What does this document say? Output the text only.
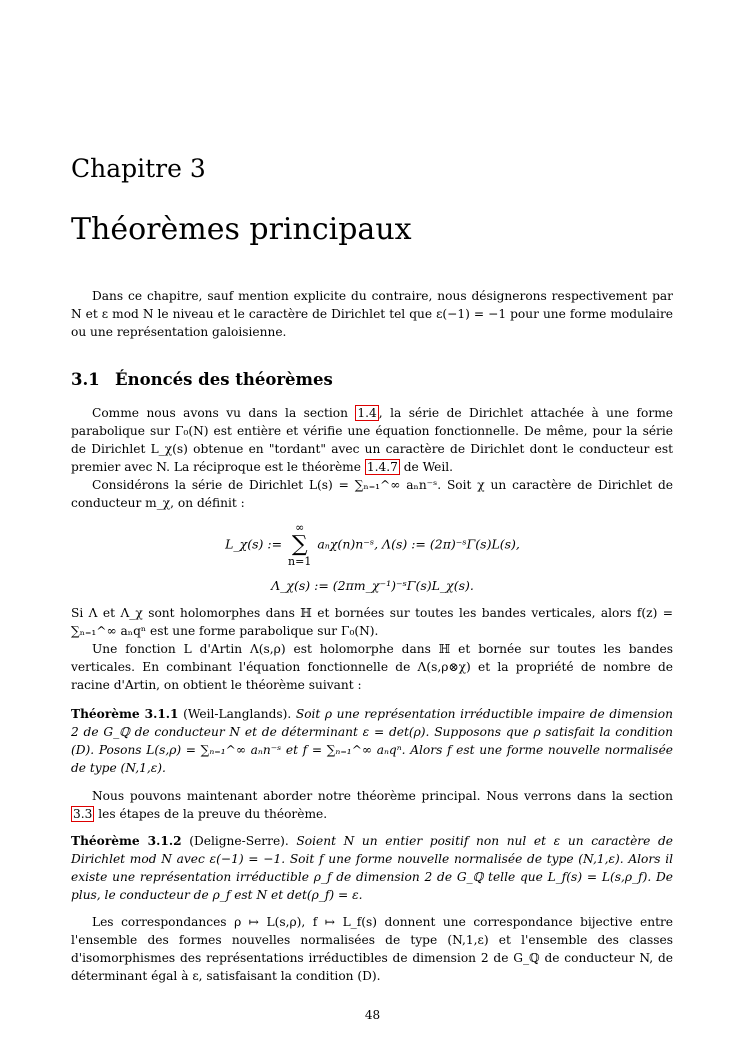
Chapitre 3
Théorèmes principaux

Dans ce chapitre, sauf mention explicite du contraire, nous désignerons respectivement par N et ε mod N le niveau et le caractère de Dirichlet tel que ε(−1) = −1 pour une forme modulaire ou une représentation galoisienne.

3.1 Énoncés des théorèmes

Comme nous avons vu dans la section 1.4 , la série de Dirichlet attachée à une forme parabolique sur Γ₀(N) est entière et vérifie une équation fonctionnelle. De même, pour la série de Dirichlet L_χ(s) obtenue en "tordant" avec un caractère de Dirichlet dont le conducteur est premier avec N. La réciproque est le théorème 1.4.7 de Weil.

Considérons la série de Dirichlet L(s) = ∑ₙ₌₁^∞ aₙn⁻ˢ. Soit χ un caractère de Dirichlet de conducteur m_χ, on définit :

L_χ(s) := ∞
∑
n=1 aₙχ(n)n⁻ˢ, Λ(s) := (2π)⁻ˢΓ(s)L(s),
Λ_χ(s) := (2πm_χ⁻¹)⁻ˢΓ(s)L_χ(s).

Si Λ et Λ_χ sont holomorphes dans ℍ et bornées sur toutes les bandes verticales, alors f(z) = ∑ₙ₌₁^∞ aₙqⁿ est une forme parabolique sur Γ₀(N).

Une fonction L d'Artin Λ(s,ρ) est holomorphe dans ℍ et bornée sur toutes les bandes verticales. En combinant l'équation fonctionnelle de Λ(s,ρ⊗χ) et la propriété de nombre de racine d'Artin, on obtient le théorème suivant :

Théorème 3.1.1 (Weil-Langlands). Soit ρ une représentation irréductible impaire de dimension 2 de G_ℚ de conducteur N et de déterminant ε = det(ρ). Supposons que ρ satisfait la condition (D). Posons L(s,ρ) = ∑ₙ₌₁^∞ aₙn⁻ˢ et f = ∑ₙ₌₁^∞ aₙqⁿ. Alors f est une forme nouvelle normalisée de type (N,1,ε).

Nous pouvons maintenant aborder notre théorème principal. Nous verrons dans la section 3.3 les étapes de la preuve du théorème.

Théorème 3.1.2 (Deligne-Serre). Soient N un entier positif non nul et ε un caractère de Dirichlet mod N avec ε(−1) = −1. Soit f une forme nouvelle normalisée de type (N,1,ε). Alors il existe une représentation irréductible ρ_f de dimension 2 de G_ℚ telle que L_f(s) = L(s,ρ_f). De plus, le conducteur de ρ_f est N et det(ρ_f) = ε.

Les correspondances ρ ↦ L(s,ρ), f ↦ L_f(s) donnent une correspondance bijective entre l'ensemble des formes nouvelles normalisées de type (N,1,ε) et l'ensemble des classes d'isomorphismes des représentations irréductibles de dimension 2 de G_ℚ de conducteur N, de déterminant égal à ε, satisfaisant la condition (D).

48
